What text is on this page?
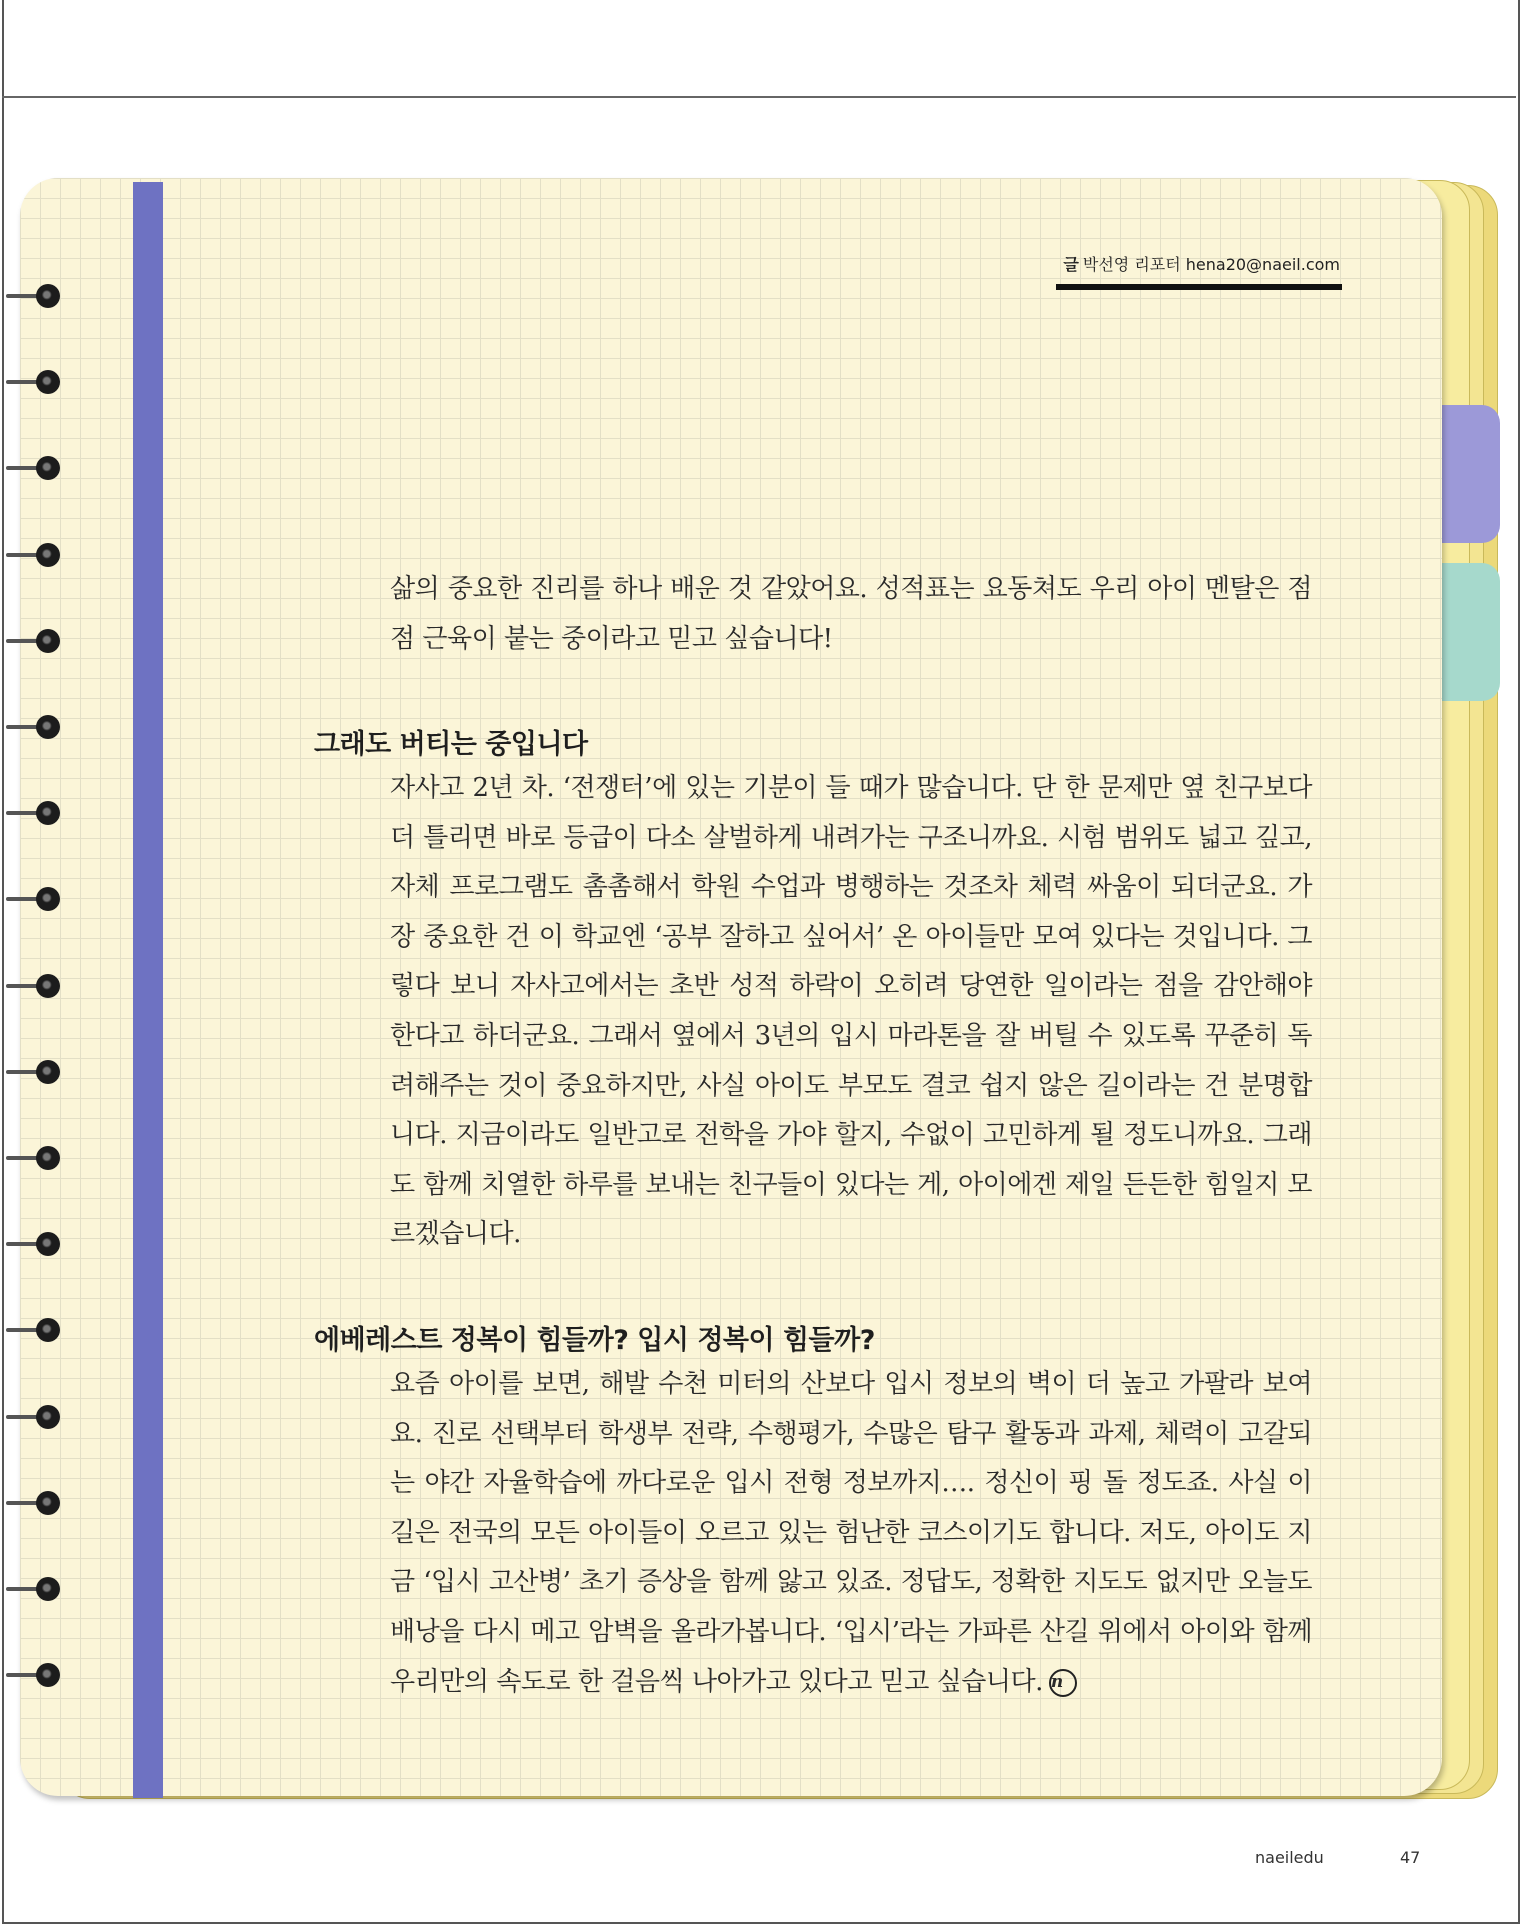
글 박선영 리포터 hena20@naeil.com
삶의 중요한 진리를 하나 배운 것 같았어요. 성적표는 요동쳐도 우리 아이 멘탈은 점점 근육이 붙는 중이라고 믿고 싶습니다!
그래도 버티는 중입니다
자사고 2년 차. ‘전쟁터’에 있는 기분이 들 때가 많습니다. 단 한 문제만 옆 친구보다 더 틀리면 바로 등급이 다소 살벌하게 내려가는 구조니까요. 시험 범위도 넓고 깊고, 자체 프로그램도 촘촘해서 학원 수업과 병행하는 것조차 체력 싸움이 되더군요. 가장 중요한 건 이 학교엔 ‘공부 잘하고 싶어서’ 온 아이들만 모여 있다는 것입니다. 그렇다 보니 자사고에서는 초반 성적 하락이 오히려 당연한 일이라는 점을 감안해야 한다고 하더군요. 그래서 옆에서 3년의 입시 마라톤을 잘 버틸 수 있도록 꾸준히 독려해주는 것이 중요하지만, 사실 아이도 부모도 결코 쉽지 않은 길이라는 건 분명합니다. 지금이라도 일반고로 전학을 가야 할지, 수없이 고민하게 될 정도니까요. 그래도 함께 치열한 하루를 보내는 친구들이 있다는 게, 아이에겐 제일 든든한 힘일지 모르겠습니다.
에베레스트 정복이 힘들까? 입시 정복이 힘들까?
요즘 아이를 보면, 해발 수천 미터의 산보다 입시 정보의 벽이 더 높고 가팔라 보여요. 진로 선택부터 학생부 전략, 수행평가, 수많은 탐구 활동과 과제, 체력이 고갈되는 야간 자율학습에 까다로운 입시 전형 정보까지…. 정신이 핑 돌 정도죠. 사실 이 길은 전국의 모든 아이들이 오르고 있는 험난한 코스이기도 합니다. 저도, 아이도 지금 ‘입시 고산병’ 초기 증상을 함께 앓고 있죠. 정답도, 정확한 지도도 없지만 오늘도 배낭을 다시 메고 암벽을 올라가봅니다. ‘입시’라는 가파른 산길 위에서 아이와 함께 우리만의 속도로 한 걸음씩 나아가고 있다고 믿고 싶습니다. n
naeiledu	47
